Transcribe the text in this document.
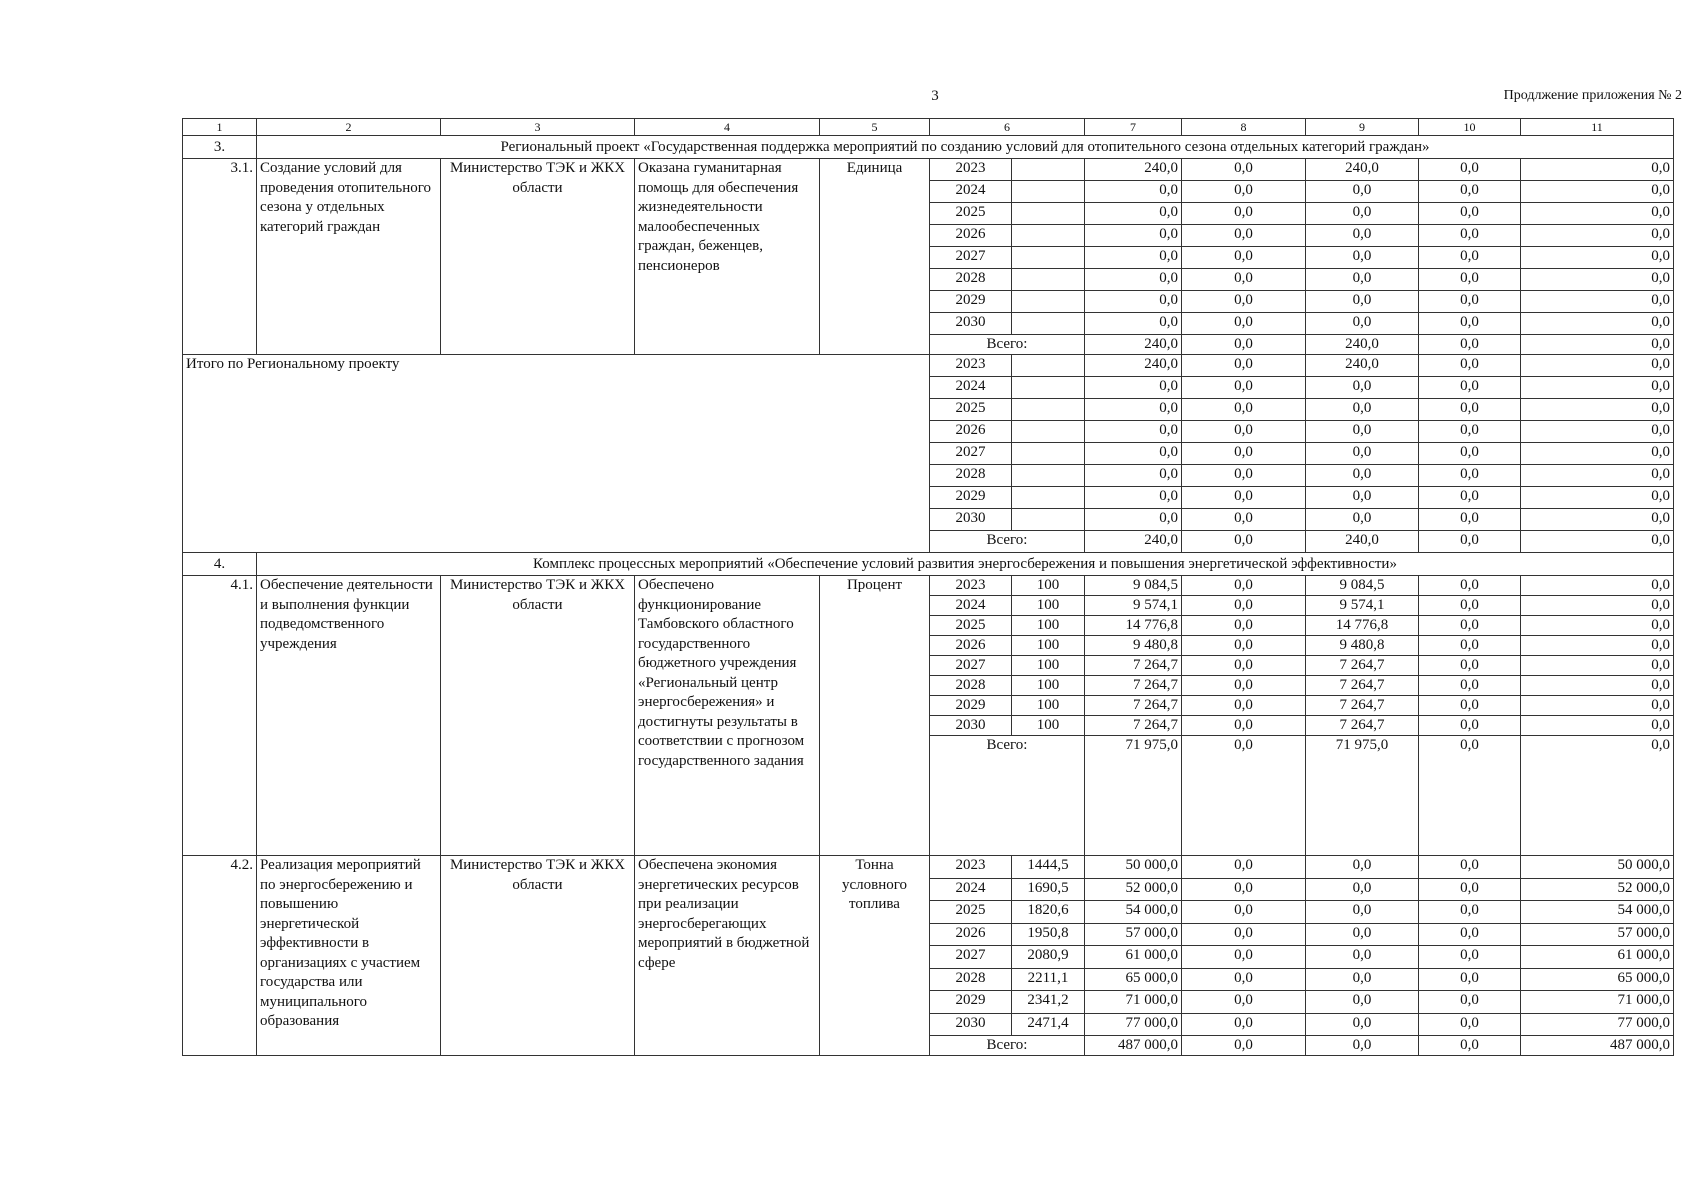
3	Продлжение приложения № 2
1	2	3	4	5	6		7	8	9	10	11
3.	Региональный проект «Государственная поддержка мероприятий по созданию условий для отопительного сезона отдельных категорий граждан»										
3.1.	Создание условий для проведения отопительного сезона у отдельных категорий граждан	Министерство ТЭК и ЖКХ области	Оказана гуманитарная помощь для обеспечения жизнедеятельности малообеспеченных граждан, беженцев, пенсионеров	Единица	2023		240,0	0,0	240,0	0,0	0,0
					2024		0,0	0,0	0,0	0,0	0,0
					2025		0,0	0,0	0,0	0,0	0,0
					2026		0,0	0,0	0,0	0,0	0,0
					2027		0,0	0,0	0,0	0,0	0,0
					2028		0,0	0,0	0,0	0,0	0,0
					2029		0,0	0,0	0,0	0,0	0,0
					2030		0,0	0,0	0,0	0,0	0,0
					Всего:		240,0	0,0	240,0	0,0	0,0
Итого по Региональному проекту					2023		240,0	0,0	240,0	0,0	0,0
					2024		0,0	0,0	0,0	0,0	0,0
					2025		0,0	0,0	0,0	0,0	0,0
					2026		0,0	0,0	0,0	0,0	0,0
					2027		0,0	0,0	0,0	0,0	0,0
					2028		0,0	0,0	0,0	0,0	0,0
					2029		0,0	0,0	0,0	0,0	0,0
					2030		0,0	0,0	0,0	0,0	0,0
					Всего:		240,0	0,0	240,0	0,0	0,0
4.	Комплекс процессных мероприятий «Обеспечение условий развития энергосбережения и повышения энергетической эффективности»										
4.1.	Обеспечение деятельности и выполнения функции подведомственного учреждения	Министерство ТЭК и ЖКХ области	Обеспечено функционирование Тамбовского областного государственного бюджетного учреждения «Региональный центр энергосбережения» и достигнуты результаты в соответствии с прогнозом государственного задания	Процент	2023	100	9 084,5	0,0	9 084,5	0,0	0,0
					2024	100	9 574,1	0,0	9 574,1	0,0	0,0
					2025	100	14 776,8	0,0	14 776,8	0,0	0,0
					2026	100	9 480,8	0,0	9 480,8	0,0	0,0
					2027	100	7 264,7	0,0	7 264,7	0,0	0,0
					2028	100	7 264,7	0,0	7 264,7	0,0	0,0
					2029	100	7 264,7	0,0	7 264,7	0,0	0,0
					2030	100	7 264,7	0,0	7 264,7	0,0	0,0
					Всего:		71 975,0	0,0	71 975,0	0,0	0,0
4.2.	Реализация мероприятий по энергосбережению и повышению энергетической эффективности в организациях с участием государства или муниципального образования	Министерство ТЭК и ЖКХ области	Обеспечена экономия энергетических ресурсов при реализации энергосберегающих мероприятий в бюджетной сфере	Тонна условного топлива	2023	1444,5	50 000,0	0,0	0,0	0,0	50 000,0
					2024	1690,5	52 000,0	0,0	0,0	0,0	52 000,0
					2025	1820,6	54 000,0	0,0	0,0	0,0	54 000,0
					2026	1950,8	57 000,0	0,0	0,0	0,0	57 000,0
					2027	2080,9	61 000,0	0,0	0,0	0,0	61 000,0
					2028	2211,1	65 000,0	0,0	0,0	0,0	65 000,0
					2029	2341,2	71 000,0	0,0	0,0	0,0	71 000,0
					2030	2471,4	77 000,0	0,0	0,0	0,0	77 000,0
					Всего:		487 000,0	0,0	0,0	0,0	487 000,0
